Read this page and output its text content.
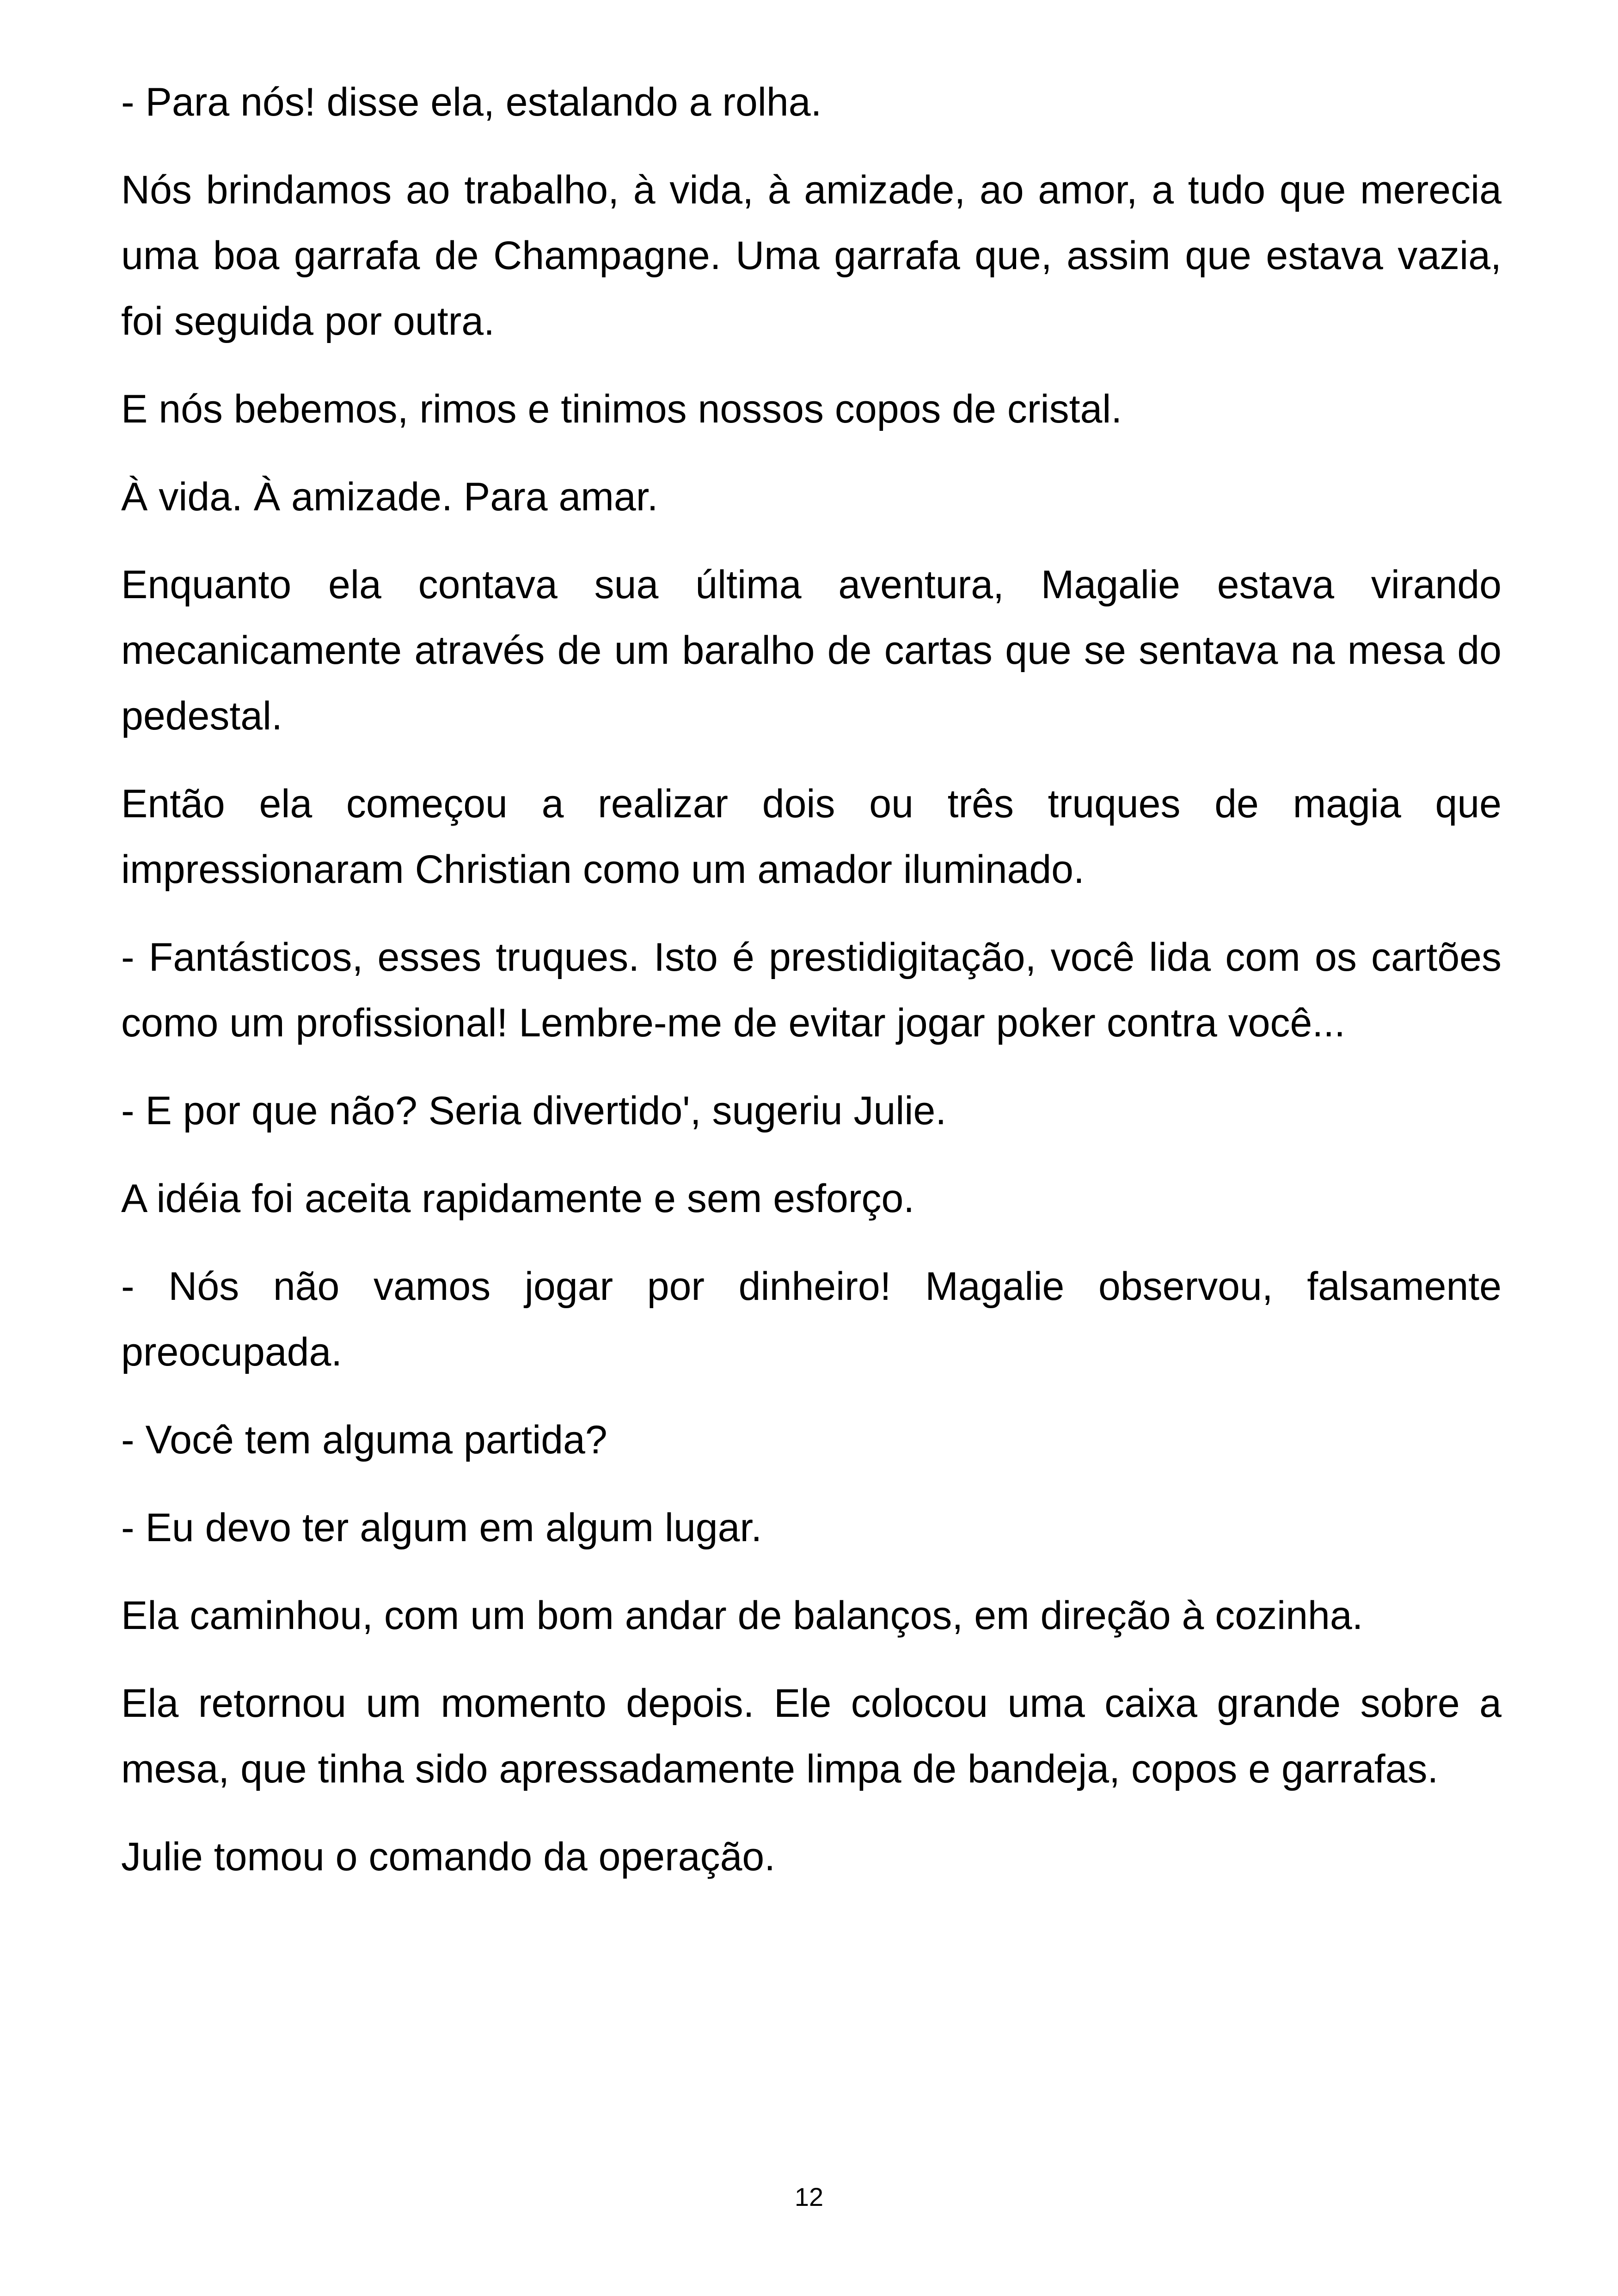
- Para nós! disse ela, estalando a rolha.

Nós brindamos ao trabalho, à vida, à amizade, ao amor, a tudo que merecia uma boa garrafa de Champagne. Uma garrafa que, assim que estava vazia, foi seguida por outra.

E nós bebemos, rimos e tinimos nossos copos de cristal.

À vida. À amizade. Para amar.

Enquanto ela contava sua última aventura, Magalie estava virando mecanicamente através de um baralho de cartas que se sentava na mesa do pedestal.

Então ela começou a realizar dois ou três truques de magia que impressionaram Christian como um amador iluminado.

- Fantásticos, esses truques. Isto é prestidigitação, você lida com os cartões como um profissional! Lembre-me de evitar jogar poker contra você...

- E por que não? Seria divertido', sugeriu Julie.

A idéia foi aceita rapidamente e sem esforço.

- Nós não vamos jogar por dinheiro! Magalie observou, falsamente preocupada.

- Você tem alguma partida?

- Eu devo ter algum em algum lugar.

Ela caminhou, com um bom andar de balanços, em direção à cozinha.

Ela retornou um momento depois. Ele colocou uma caixa grande sobre a mesa, que tinha sido apressadamente limpa de bandeja, copos e garrafas.

Julie tomou o comando da operação.

12
